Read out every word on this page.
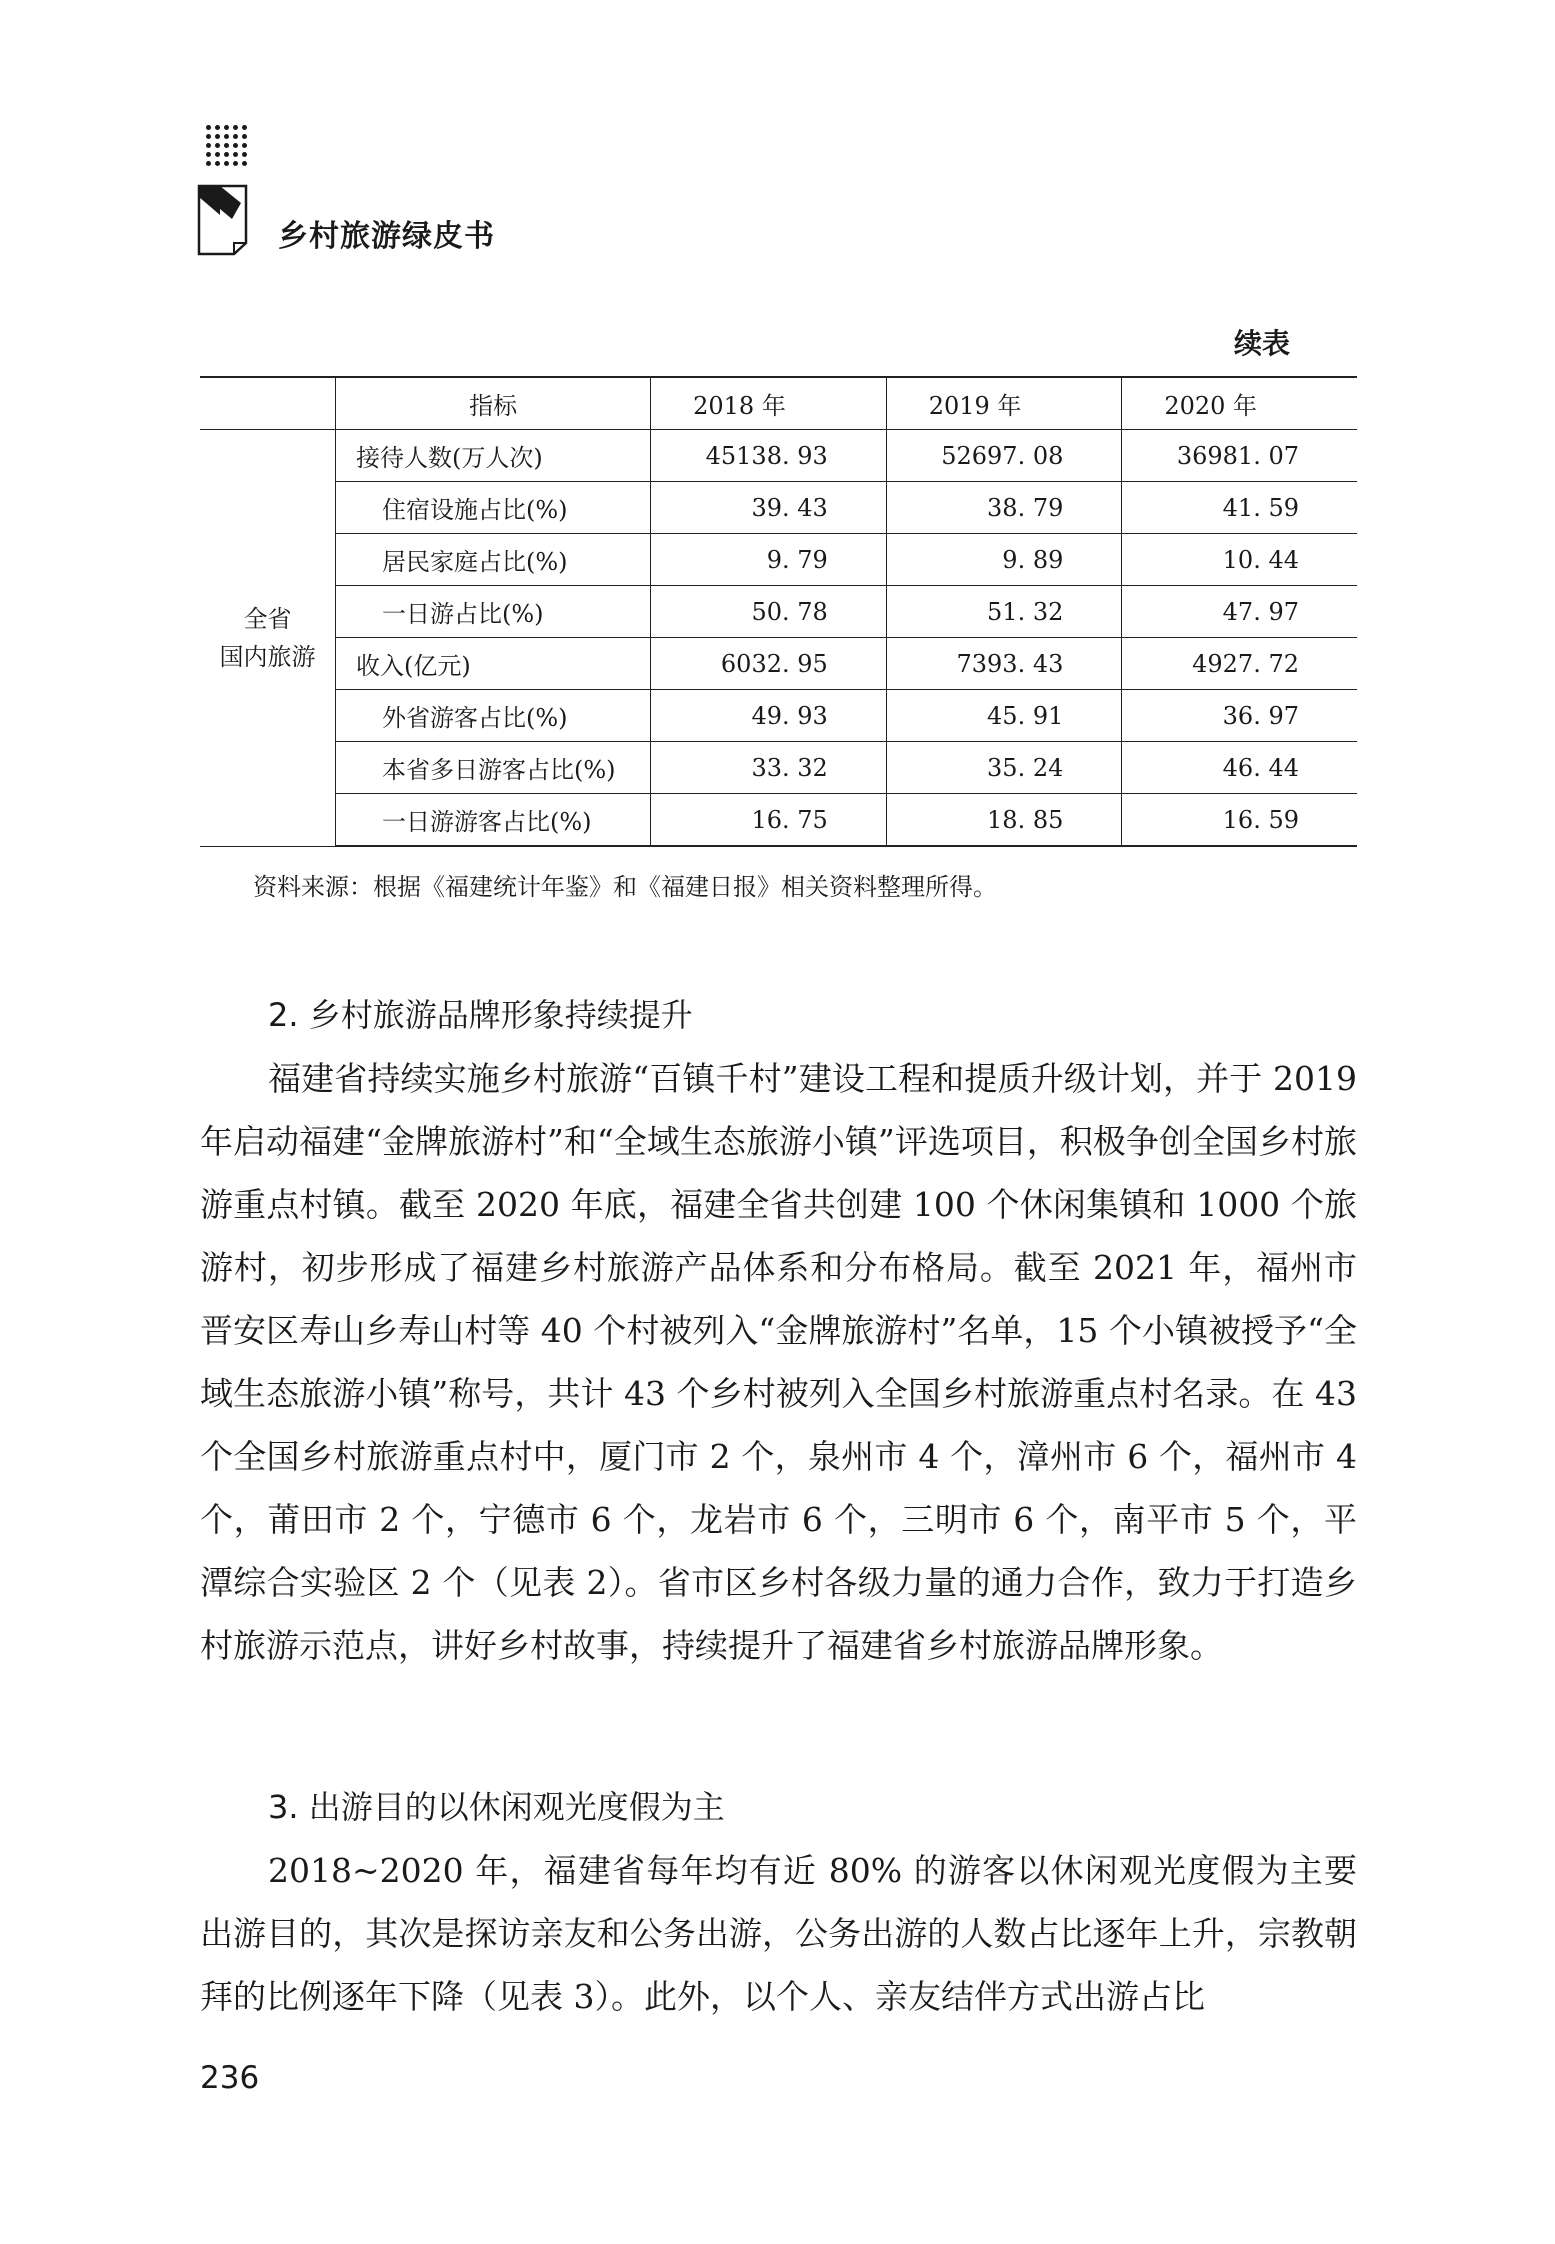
乡村旅游绿皮书
续表
	指标	2018 年	2019 年	2020 年

全省
国内旅游	接待人数(万人次)	45138. 93	52697. 08	36981. 07
	住宿设施占比(%)	39. 43	38. 79	41. 59
	居民家庭占比(%)	9. 79	9. 89	10. 44
	一日游占比(%)	50. 78	51. 32	47. 97
	收入(亿元)	6032. 95	7393. 43	4927. 72
	外省游客占比(%)	49. 93	45. 91	36. 97
	本省多日游客占比(%)	33. 32	35. 24	46. 44
	一日游游客占比(%)	16. 75	18. 85	16. 59
资料来源：根据《福建统计年鉴》和《福建日报》相关资料整理所得。
2. 乡村旅游品牌形象持续提升

福建省持续实施乡村旅游“百镇千村”建设工程和提质升级计划，并于 2019 年启动福建“金牌旅游村”和“全域生态旅游小镇”评选项目，积极争创全国乡村旅游重点村镇。截至 2020 年底，福建全省共创建 100 个休闲集镇和 1000 个旅游村，初步形成了福建乡村旅游产品体系和分布格局。截至 2021 年，福州市晋安区寿山乡寿山村等 40 个村被列入“金牌旅游村”名单，15 个小镇被授予“全域生态旅游小镇”称号，共计 43 个乡村被列入全国乡村旅游重点村名录。在 43 个全国乡村旅游重点村中，厦门市 2 个，泉州市 4 个，漳州市 6 个，福州市 4 个，莆田市 2 个，宁德市 6 个，龙岩市 6 个，三明市 6 个，南平市 5 个，平潭综合实验区 2 个（见表 2）。省市区乡村各级力量的通力合作，致力于打造乡村旅游示范点，讲好乡村故事，持续提升了福建省乡村旅游品牌形象。

3. 出游目的以休闲观光度假为主

2018~2020 年，福建省每年均有近 80% 的游客以休闲观光度假为主要出游目的，其次是探访亲友和公务出游，公务出游的人数占比逐年上升，宗教朝拜的比例逐年下降（见表 3）。此外，以个人、亲友结伴方式出游占比

236
